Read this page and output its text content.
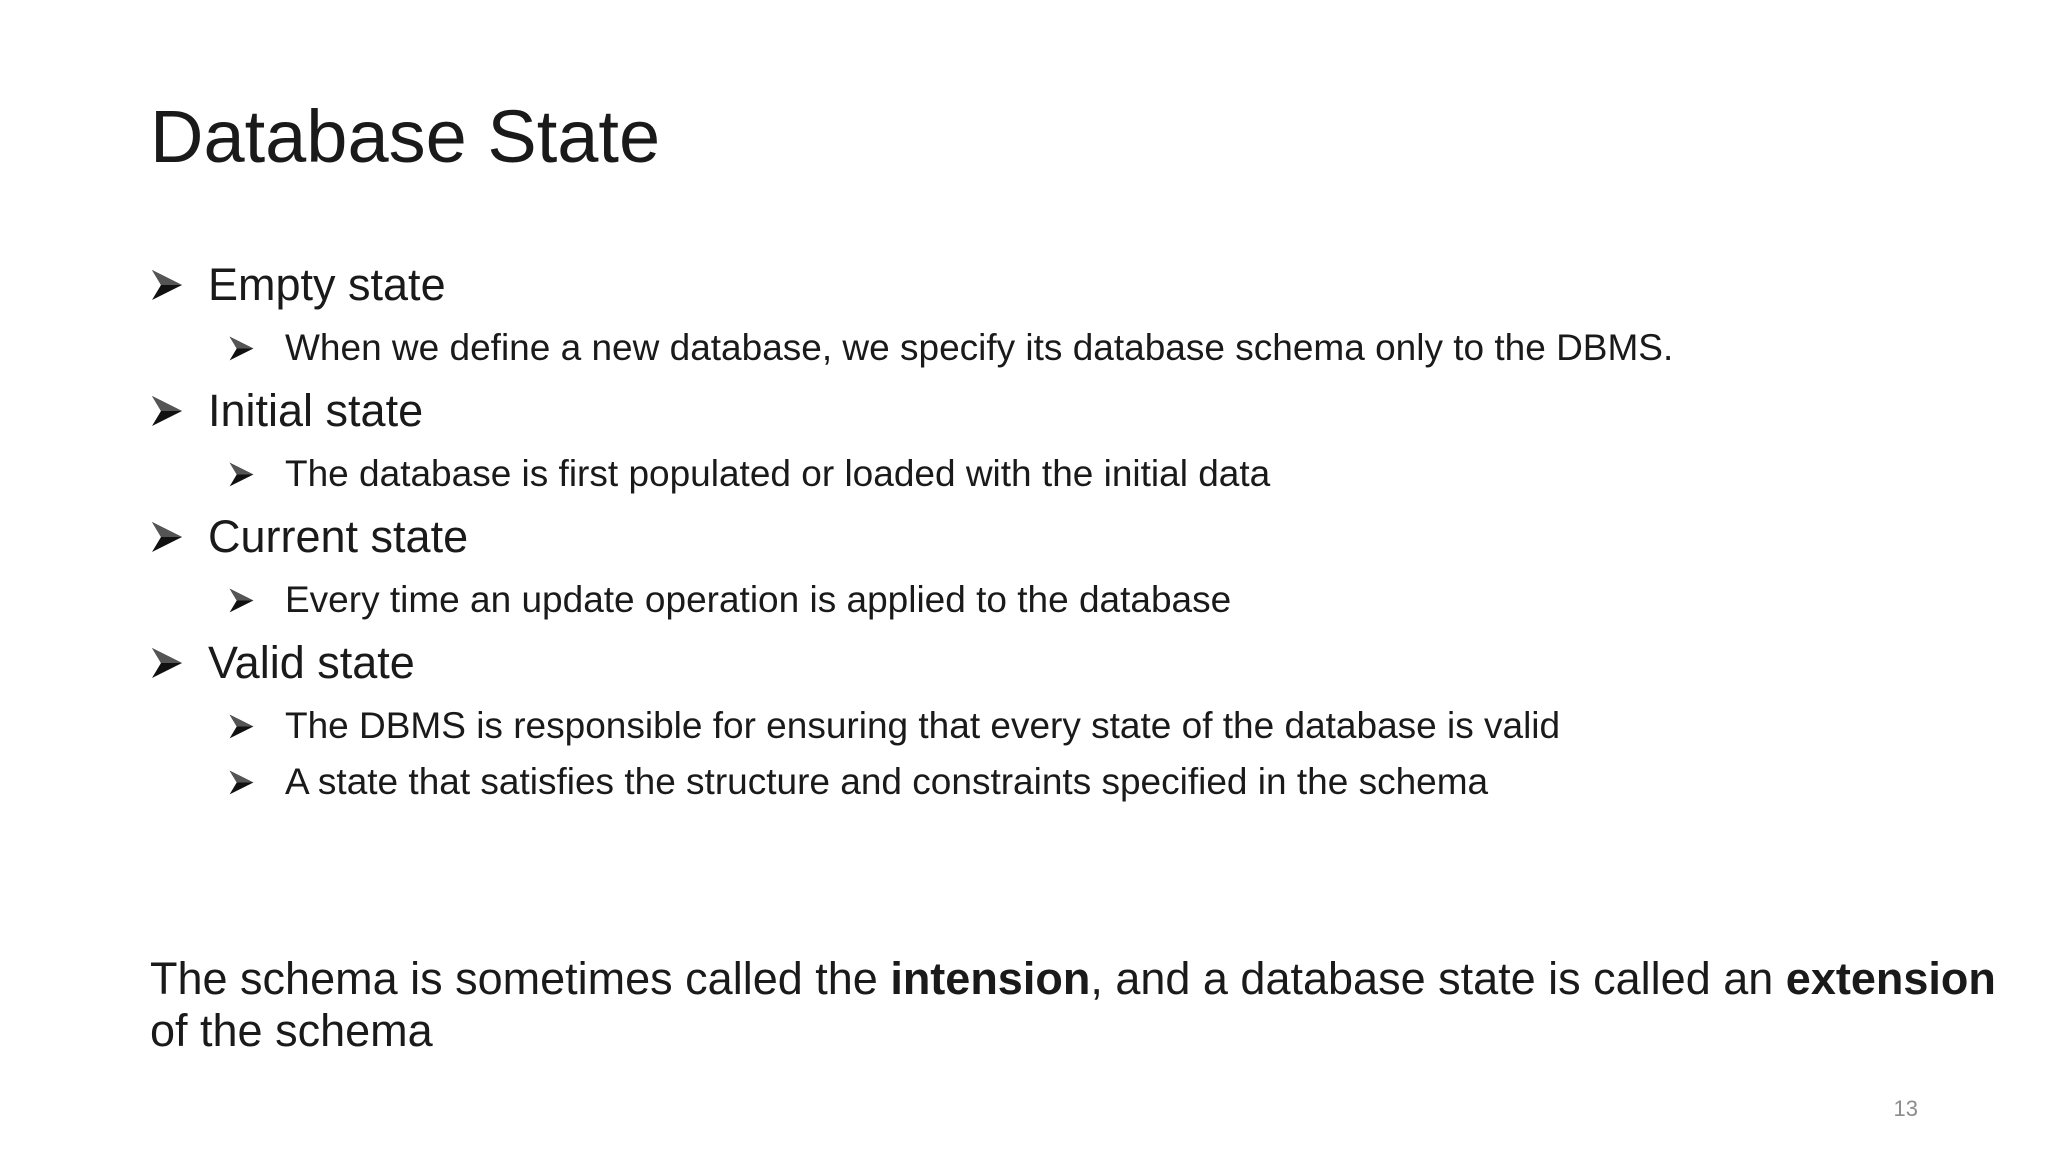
Database State
Empty state
When we define a new database, we specify its database schema only to the DBMS.
Initial state
The database is first populated or loaded with the initial data
Current state
Every time an update operation is applied to the database
Valid state
The DBMS is responsible for ensuring that every state of the database is valid
A state that satisfies the structure and constraints specified in the schema

The schema is sometimes called the intension, and a database state is called an extension of the schema

13
